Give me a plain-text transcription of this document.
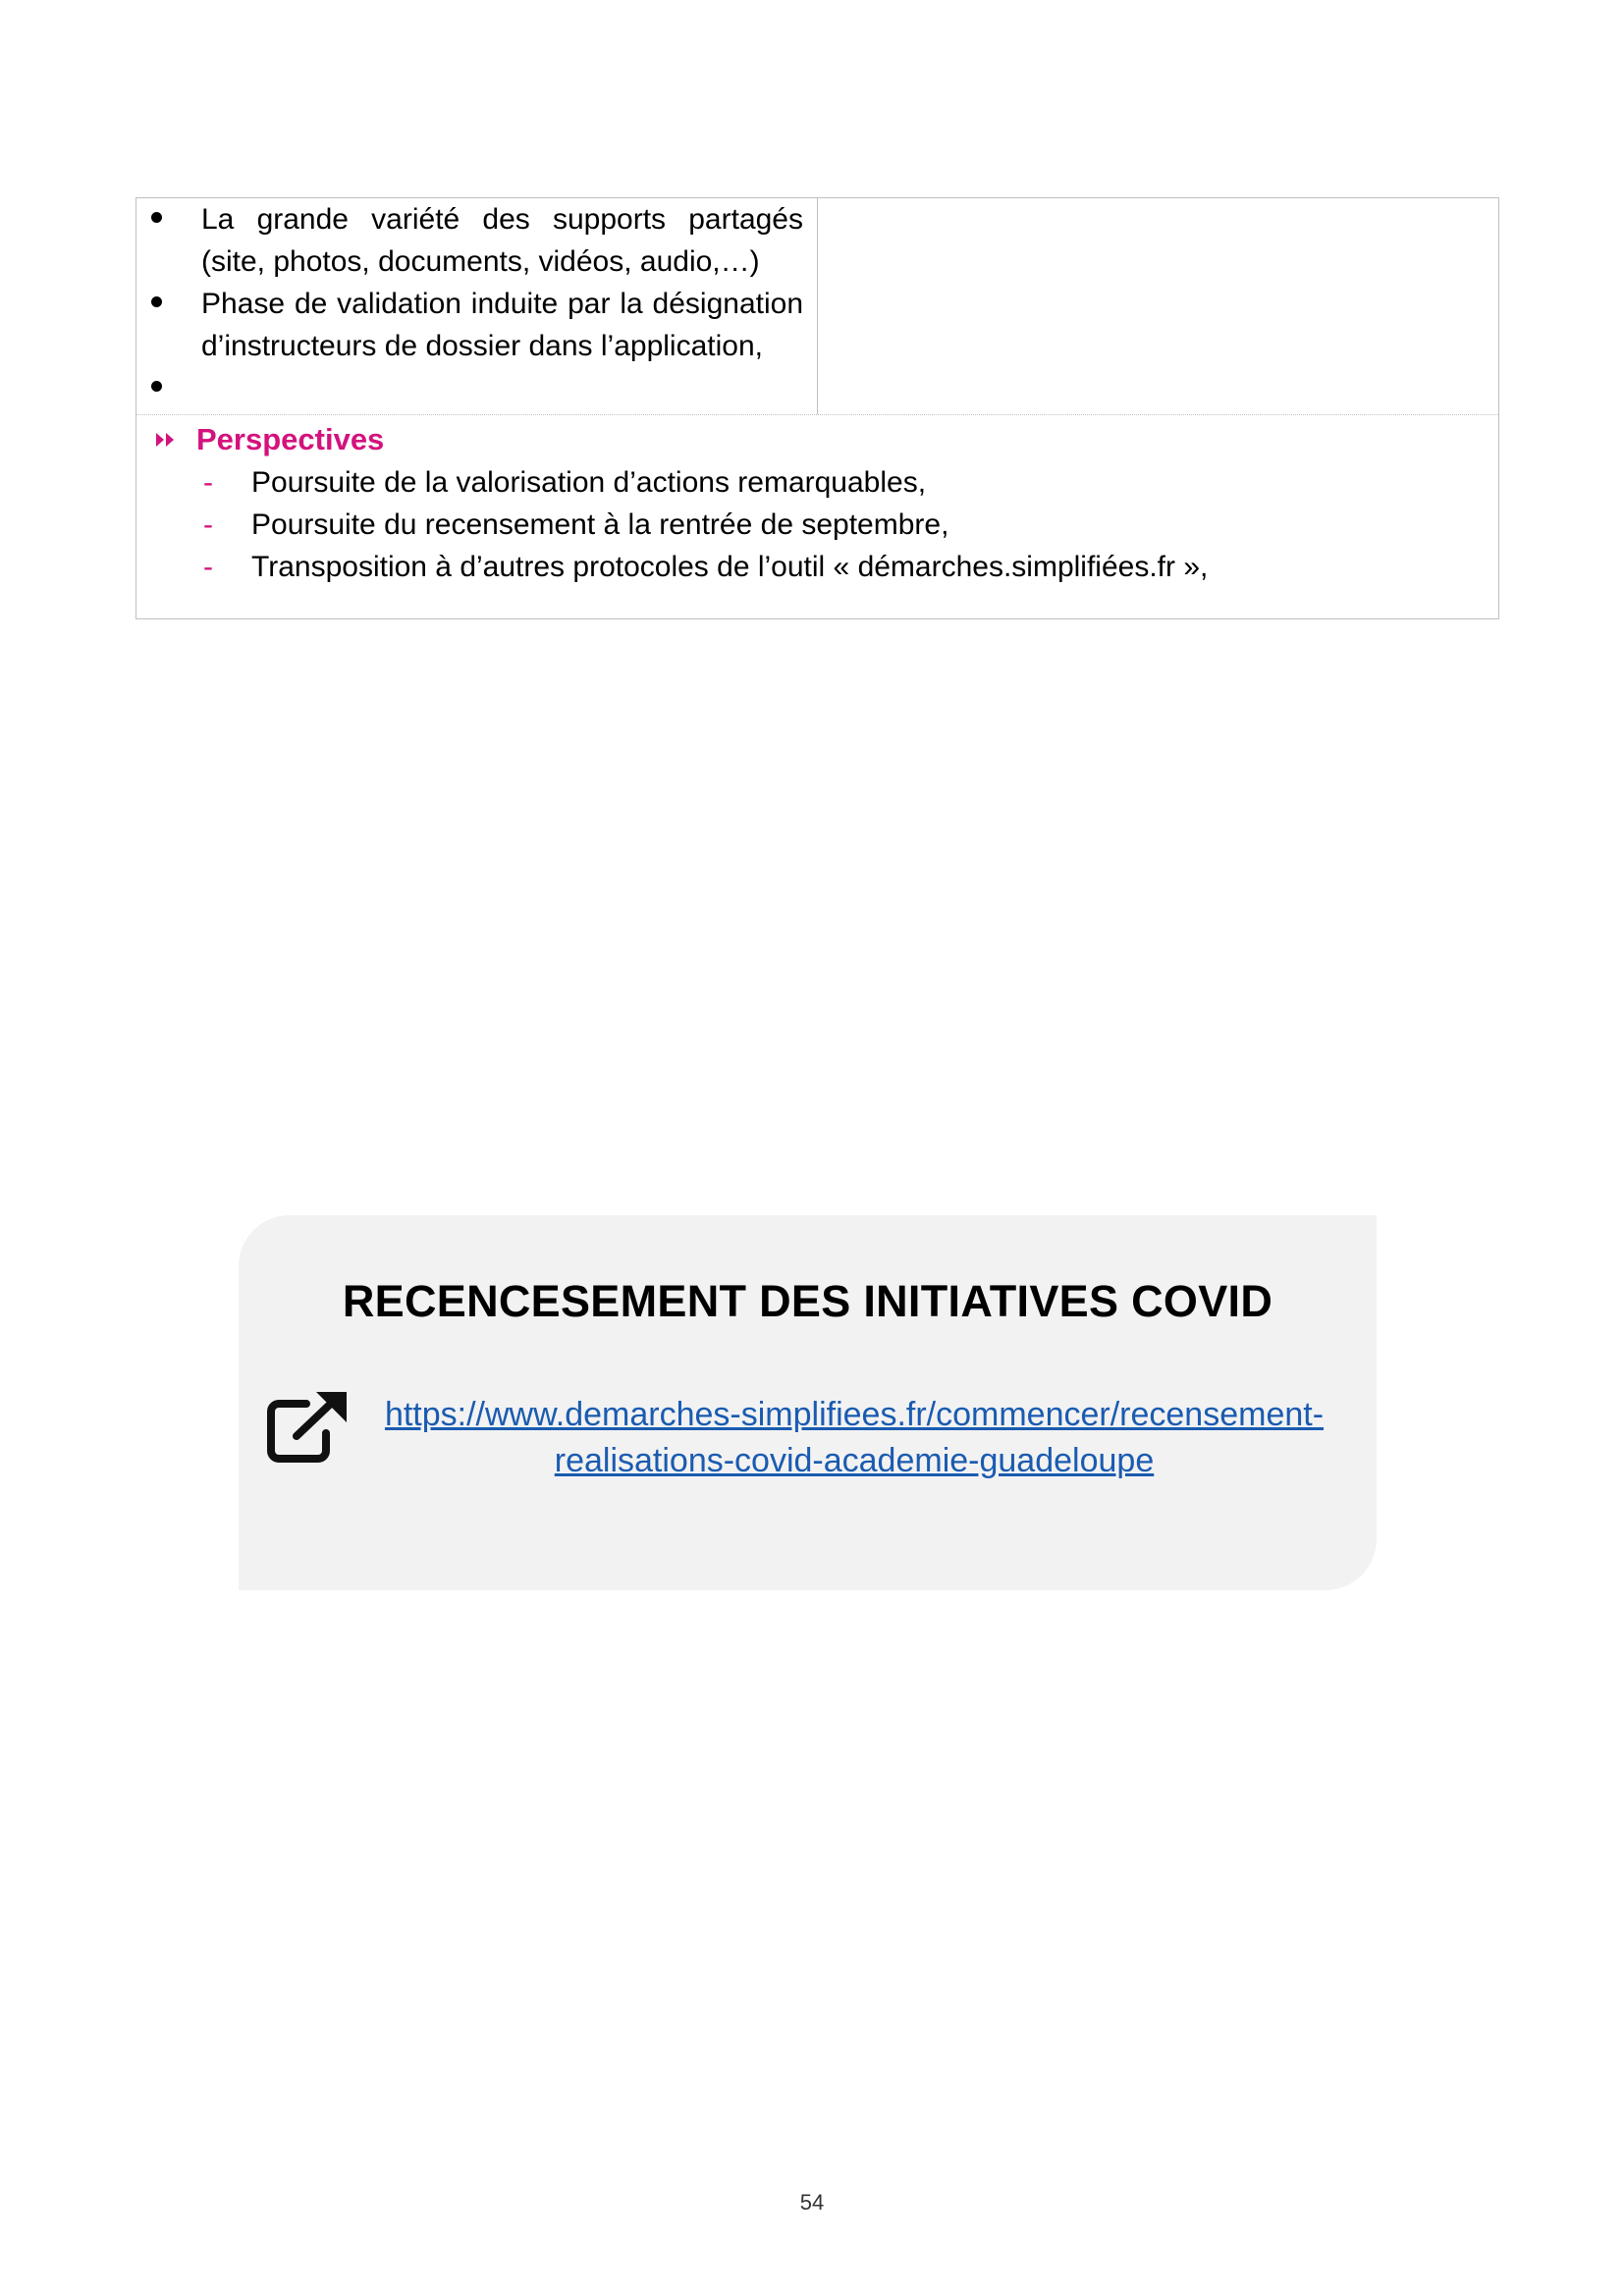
La grande variété des supports partagés
(site, photos, documents, vidéos, audio,…)
Phase de validation induite par la désignation
d’instructeurs de dossier dans l’application,
Perspectives
- Poursuite de la valorisation d’actions remarquables,
- Poursuite du recensement à la rentrée de septembre,
- Transposition à d’autres protocoles de l’outil « démarches.simplifiées.fr »,
RECENCESEMENT DES INITIATIVES COVID
https://www.demarches-simplifiees.fr/commencer/recensement-
realisations-covid-academie-guadeloupe
54
